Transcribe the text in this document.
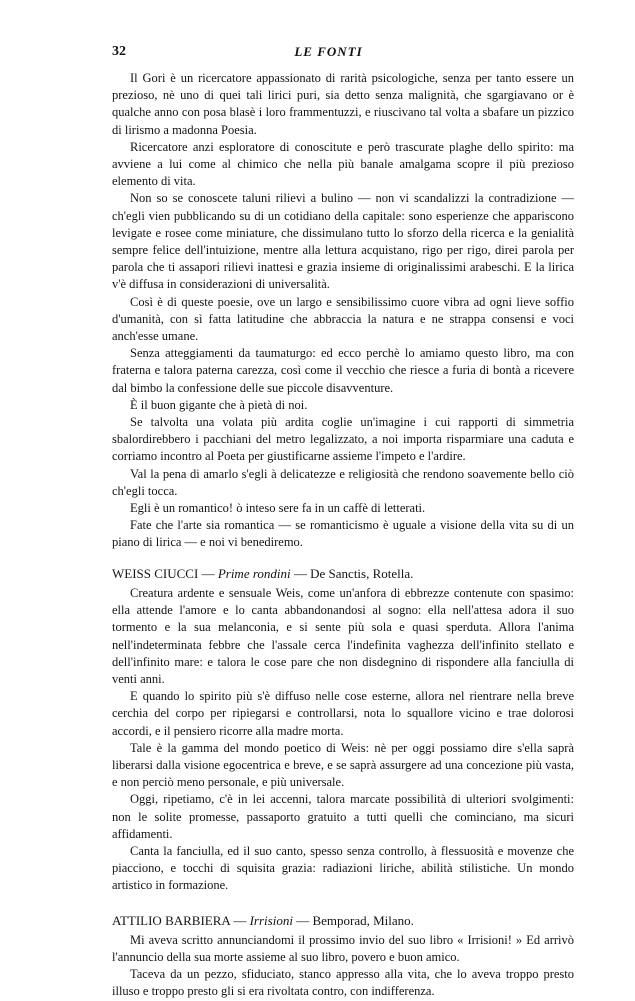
32	LE FONTI

Il Gori è un ricercatore appassionato di rarità psicologiche, senza per tanto essere un prezioso, nè uno di quei tali lirici puri, sia detto senza malignità, che sgargiavano or è qualche anno con posa blasè i loro frammentuzzi, e riuscivano tal volta a sbafare un pizzico di lirismo a madonna Poesia.

Ricercatore anzi esploratore di conoscitute e però trascurate plaghe dello spirito: ma avviene a lui come al chimico che nella più banale amalgama scopre il più prezioso elemento di vita.

Non so se conoscete taluni rilievi a bulino — non vi scandalizzi la contradizione — ch'egli vien pubblicando su di un cotidiano della capitale: sono esperienze che appariscono levigate e rosee come miniature, che dissimulano tutto lo sforzo della ricerca e la genialità sempre felice dell'intuizione, mentre alla lettura acquistano, rigo per rigo, direi parola per parola che ti assapori rilievi inattesi e grazia insieme di originalissimi arabeschi. E la lirica v'è diffusa in considerazioni di universalità.

Così è di queste poesie, ove un largo e sensibilissimo cuore vibra ad ogni lieve soffio d'umanità, con sì fatta latitudine che abbraccia la natura e ne strappa consensi e voci anch'esse umane.

Senza atteggiamenti da taumaturgo: ed ecco perchè lo amiamo questo libro, ma con fraterna e talora paterna carezza, così come il vecchio che riesce a furia di bontà a ricevere dal bimbo la confessione delle sue piccole disavventure.

È il buon gigante che à pietà di noi.

Se talvolta una volata più ardita coglie un'imagine i cui rapporti di simmetria sbalordirebbero i pacchiani del metro legalizzato, a noi importa risparmiare una caduta e corriamo incontro al Poeta per giustificarne assieme l'impeto e l'ardire.

Val la pena di amarlo s'egli à delicatezze e religiosità che rendono soavemente bello ciò ch'egli tocca.

Egli è un romantico! ò inteso sere fa in un caffè di letterati.

Fate che l'arte sia romantica — se romanticismo è uguale a visione della vita su di un piano di lirica — e noi vi benediremo.

WEISS CIUCCI — Prime rondini — De Sanctis, Rotella.

Creatura ardente e sensuale Weis, come un'anfora di ebbrezze contenute con spasimo: ella attende l'amore e lo canta abbandonandosi al sogno: ella nell'attesa adora il suo tormento e la sua melanconia, e si sente più sola e quasi sperduta. Allora l'anima nell'indeterminata febbre che l'assale cerca l'indefinita vaghezza dell'infinito stellato e dell'infinito mare: e talora le cose pare che non disdegnino di rispondere alla fanciulla di venti anni.

E quando lo spirito più s'è diffuso nelle cose esterne, allora nel rientrare nella breve cerchia del corpo per ripiegarsi e controllarsi, nota lo squallore vicino e trae dolorosi accordi, e il pensiero ricorre alla madre morta.

Tale è la gamma del mondo poetico di Weis: nè per oggi possiamo dire s'ella saprà liberarsi dalla visione egocentrica e breve, e se saprà assurgere ad una concezione più vasta, e non perciò meno personale, e più universale.

Oggi, ripetiamo, c'è in lei accenni, talora marcate possibilità di ulteriori svolgimenti: non le solite promesse, passaporto gratuito a tutti quelli che cominciano, ma sicuri affidamenti.

Canta la fanciulla, ed il suo canto, spesso senza controllo, à flessuosità e movenze che piacciono, e tocchi di squisita grazia: radiazioni liriche, abilità stilistiche. Un mondo artistico in formazione.

ATTILIO BARBIERA — Irrisioni — Bemporad, Milano.

Mi aveva scritto annunciandomi il prossimo invio del suo libro « Irrisioni! » Ed arrivò l'annuncio della sua morte assieme al suo libro, povero e buon amico.

Taceva da un pezzo, sfiduciato, stanco appresso alla vita, che lo aveva troppo presto illuso e troppo presto gli si era rivoltata contro, con indifferenza.
